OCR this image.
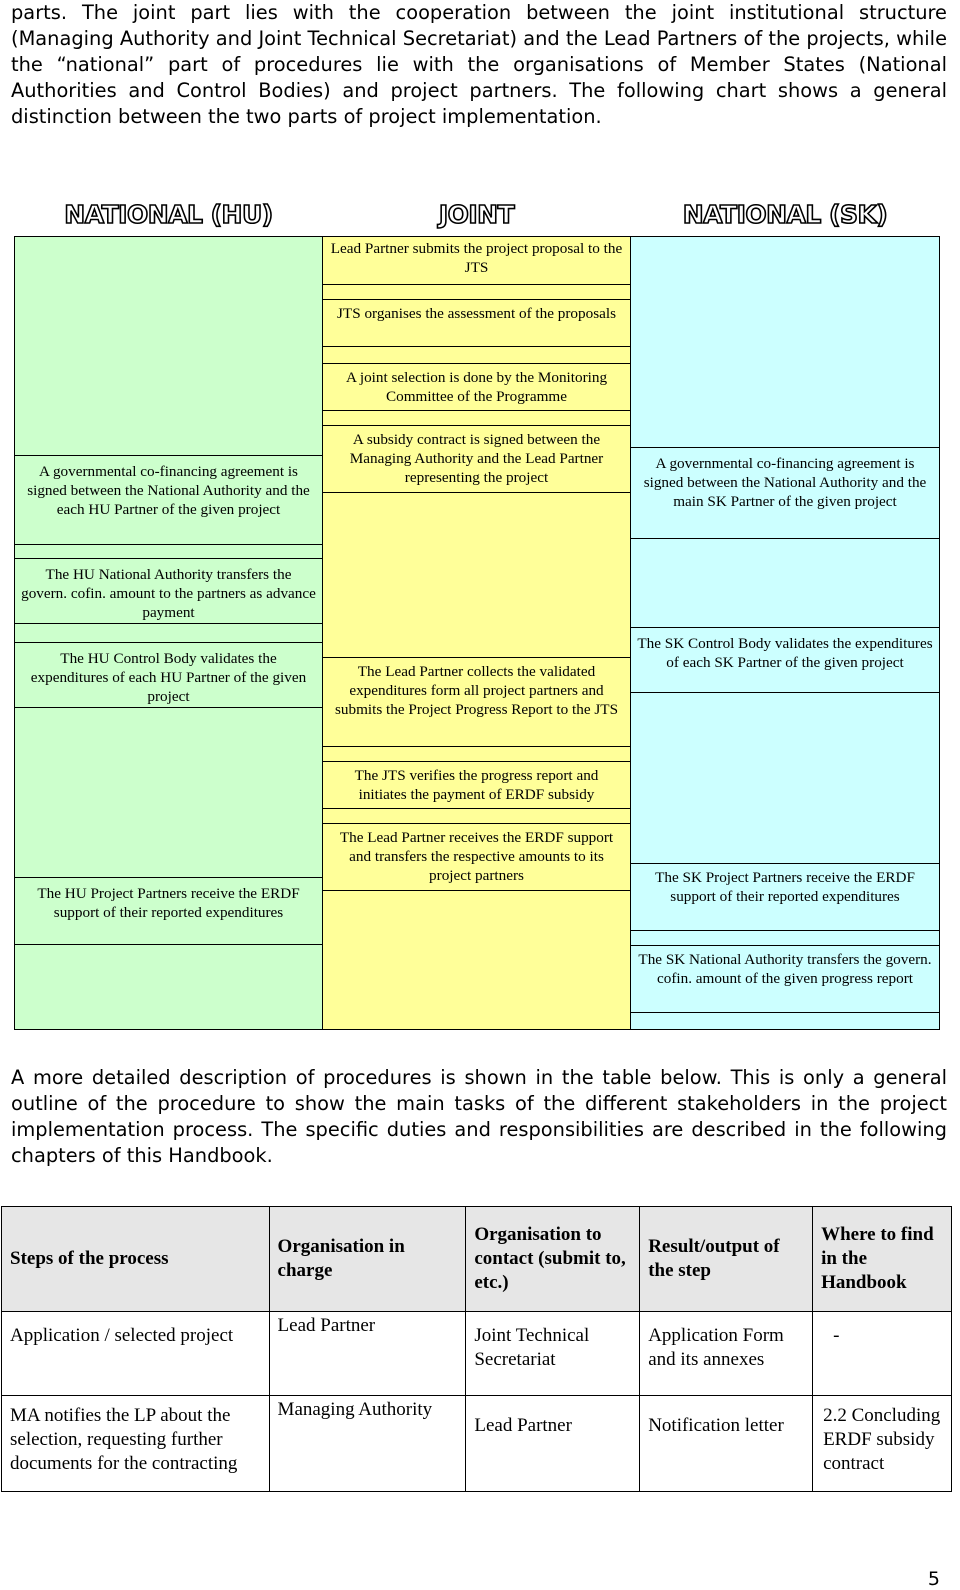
parts. The joint part lies with the cooperation between the joint institutional structure (Managing Authority and Joint Technical Secretariat) and the Lead Partners of the projects, while the “national” part of procedures lie with the organisations of Member States (National Authorities and Control Bodies) and project partners. The following chart shows a general distinction between the two parts of project implementation.

NATIONAL (HU)	JOINT	NATIONAL (SK)
A governmental co-financing agreement is signed between the National Authority and the each HU Partner of the given project
The HU National Authority transfers the govern. cofin. amount to the partners as advance payment
The HU Control Body validates the expenditures of each HU Partner of the given project
The HU Project Partners receive the ERDF support of their reported expenditures
Lead Partner submits the project proposal to the JTS
JTS organises the assessment of the proposals
A joint selection is done by the Monitoring Committee of the Programme
A subsidy contract is signed between the Managing Authority and the Lead Partner representing the project
The Lead Partner collects the validated expenditures form all project partners and submits the Project Progress Report to the JTS
The JTS verifies the progress report and initiates the payment of ERDF subsidy
The Lead Partner receives the ERDF support and transfers the respective amounts to its project partners
A governmental co-financing agreement is signed between the National Authority and the main SK Partner of the given project
The SK Control Body validates the expenditures of each SK Partner of the given project
The SK Project Partners receive the ERDF support of their reported expenditures
The SK National Authority transfers the govern. cofin. amount of the given progress report

A more detailed description of procedures is shown in the table below. This is only a general outline of the procedure to show the main tasks of the different stakeholders in the project implementation process. The specific duties and responsibilities are described in the following chapters of this Handbook.

Steps of the process	Organisation in charge	Organisation to contact (submit to, etc.)	Result/output of the step	Where to find in the Handbook
Application / selected project	Lead Partner	Joint Technical Secretariat	Application Form and its annexes	-
MA notifies the LP about the selection, requesting further documents for the contracting	Managing Authority	Lead Partner	Notification letter	2.2 Concluding ERDF subsidy contract
5
